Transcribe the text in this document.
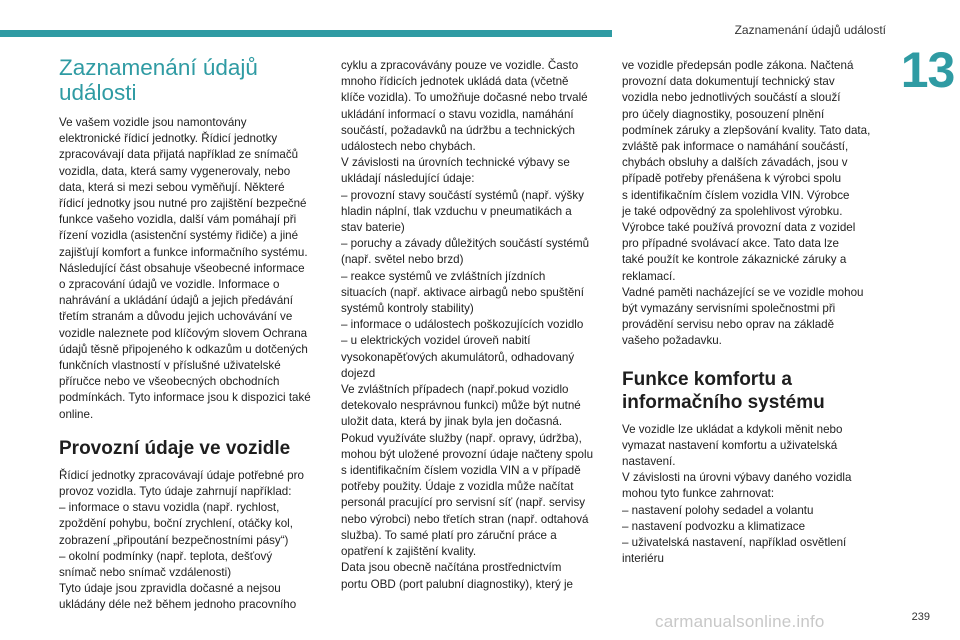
Zaznamenání údajů událostí
13
Zaznamenání údajů
události

Ve vašem vozidle jsou namontovány
elektronické řídicí jednotky. Řídicí jednotky
zpracovávají data přijatá například ze snímačů
vozidla, data, která samy vygenerovaly, nebo
data, která si mezi sebou vyměňují. Některé
řídicí jednotky jsou nutné pro zajištění bezpečné
funkce vašeho vozidla, další vám pomáhají při
řízení vozidla (asistenční systémy řidiče) a jiné
zajišťují komfort a funkce informačního systému.
Následující část obsahuje všeobecné informace
o zpracování údajů ve vozidle. Informace o
nahrávání a ukládání údajů a jejich předávání
třetím stranám a důvodu jejich uchovávání ve
vozidle naleznete pod klíčovým slovem Ochrana
údajů těsně připojeného k odkazům u dotčených
funkčních vlastností v příslušné uživatelské
příručce nebo ve všeobecných obchodních
podmínkách. Tyto informace jsou k dispozici také
online.

Provozní údaje ve vozidle

Řídicí jednotky zpracovávají údaje potřebné pro
provoz vozidla. Tyto údaje zahrnují například:
– informace o stavu vozidla (např. rychlost,
zpoždění pohybu, boční zrychlení, otáčky kol,
zobrazení „připoutání bezpečnostními pásy“)
– okolní podmínky (např. teplota, dešťový
snímač nebo snímač vzdálenosti)
Tyto údaje jsou zpravidla dočasné a nejsou
ukládány déle než během jednoho pracovního

cyklu a zpracovávány pouze ve vozidle. Často
mnoho řídicích jednotek ukládá data (včetně
klíče vozidla). To umožňuje dočasné nebo trvalé
ukládání informací o stavu vozidla, namáhání
součástí, požadavků na údržbu a technických
událostech nebo chybách.
V závislosti na úrovních technické výbavy se
ukládají následující údaje:
– provozní stavy součástí systémů (např. výšky
hladin náplní, tlak vzduchu v pneumatikách a
stav baterie)
– poruchy a závady důležitých součástí systémů
(např. světel nebo brzd)
– reakce systémů ve zvláštních jízdních
situacích (např. aktivace airbagů nebo spuštění
systémů kontroly stability)
– informace o událostech poškozujících vozidlo
– u elektrických vozidel úroveň nabití
vysokonapěťových akumulátorů, odhadovaný
dojezd
Ve zvláštních případech (např.pokud vozidlo
detekovalo nesprávnou funkci) může být nutné
uložit data, která by jinak byla jen dočasná.
Pokud využíváte služby (např. opravy, údržba),
mohou být uložené provozní údaje načteny spolu
s identifikačním číslem vozidla VIN a v případě
potřeby použity. Údaje z vozidla může načítat
personál pracující pro servisní síť (např. servisy
nebo výrobci) nebo třetích stran (např. odtahová
služba). To samé platí pro záruční práce a
opatření k zajištění kvality.
Data jsou obecně načítána prostřednictvím
portu OBD (port palubní diagnostiky), který je

ve vozidle předepsán podle zákona. Načtená
provozní data dokumentují technický stav
vozidla nebo jednotlivých součástí a slouží
pro účely diagnostiky, posouzení plnění
podmínek záruky a zlepšování kvality. Tato data,
zvláště pak informace o namáhání součástí,
chybách obsluhy a dalších závadách, jsou v
případě potřeby přenášena k výrobci spolu
s identifikačním číslem vozidla VIN. Výrobce
je také odpovědný za spolehlivost výrobku.
Výrobce také používá provozní data z vozidel
pro případné svolávací akce. Tato data lze
také použít ke kontrole zákaznické záruky a
reklamací.
Vadné paměti nacházející se ve vozidle mohou
být vymazány servisními společnostmi při
provádění servisu nebo oprav na základě
vašeho požadavku.

Funkce komfortu a
informačního systému

Ve vozidle lze ukládat a kdykoli měnit nebo
vymazat nastavení komfortu a uživatelská
nastavení.
V závislosti na úrovni výbavy daného vozidla
mohou tyto funkce zahrnovat:
– nastavení polohy sedadel a volantu
– nastavení podvozku a klimatizace
– uživatelská nastavení, například osvětlení
interiéru

carmanualsonline.info	239
